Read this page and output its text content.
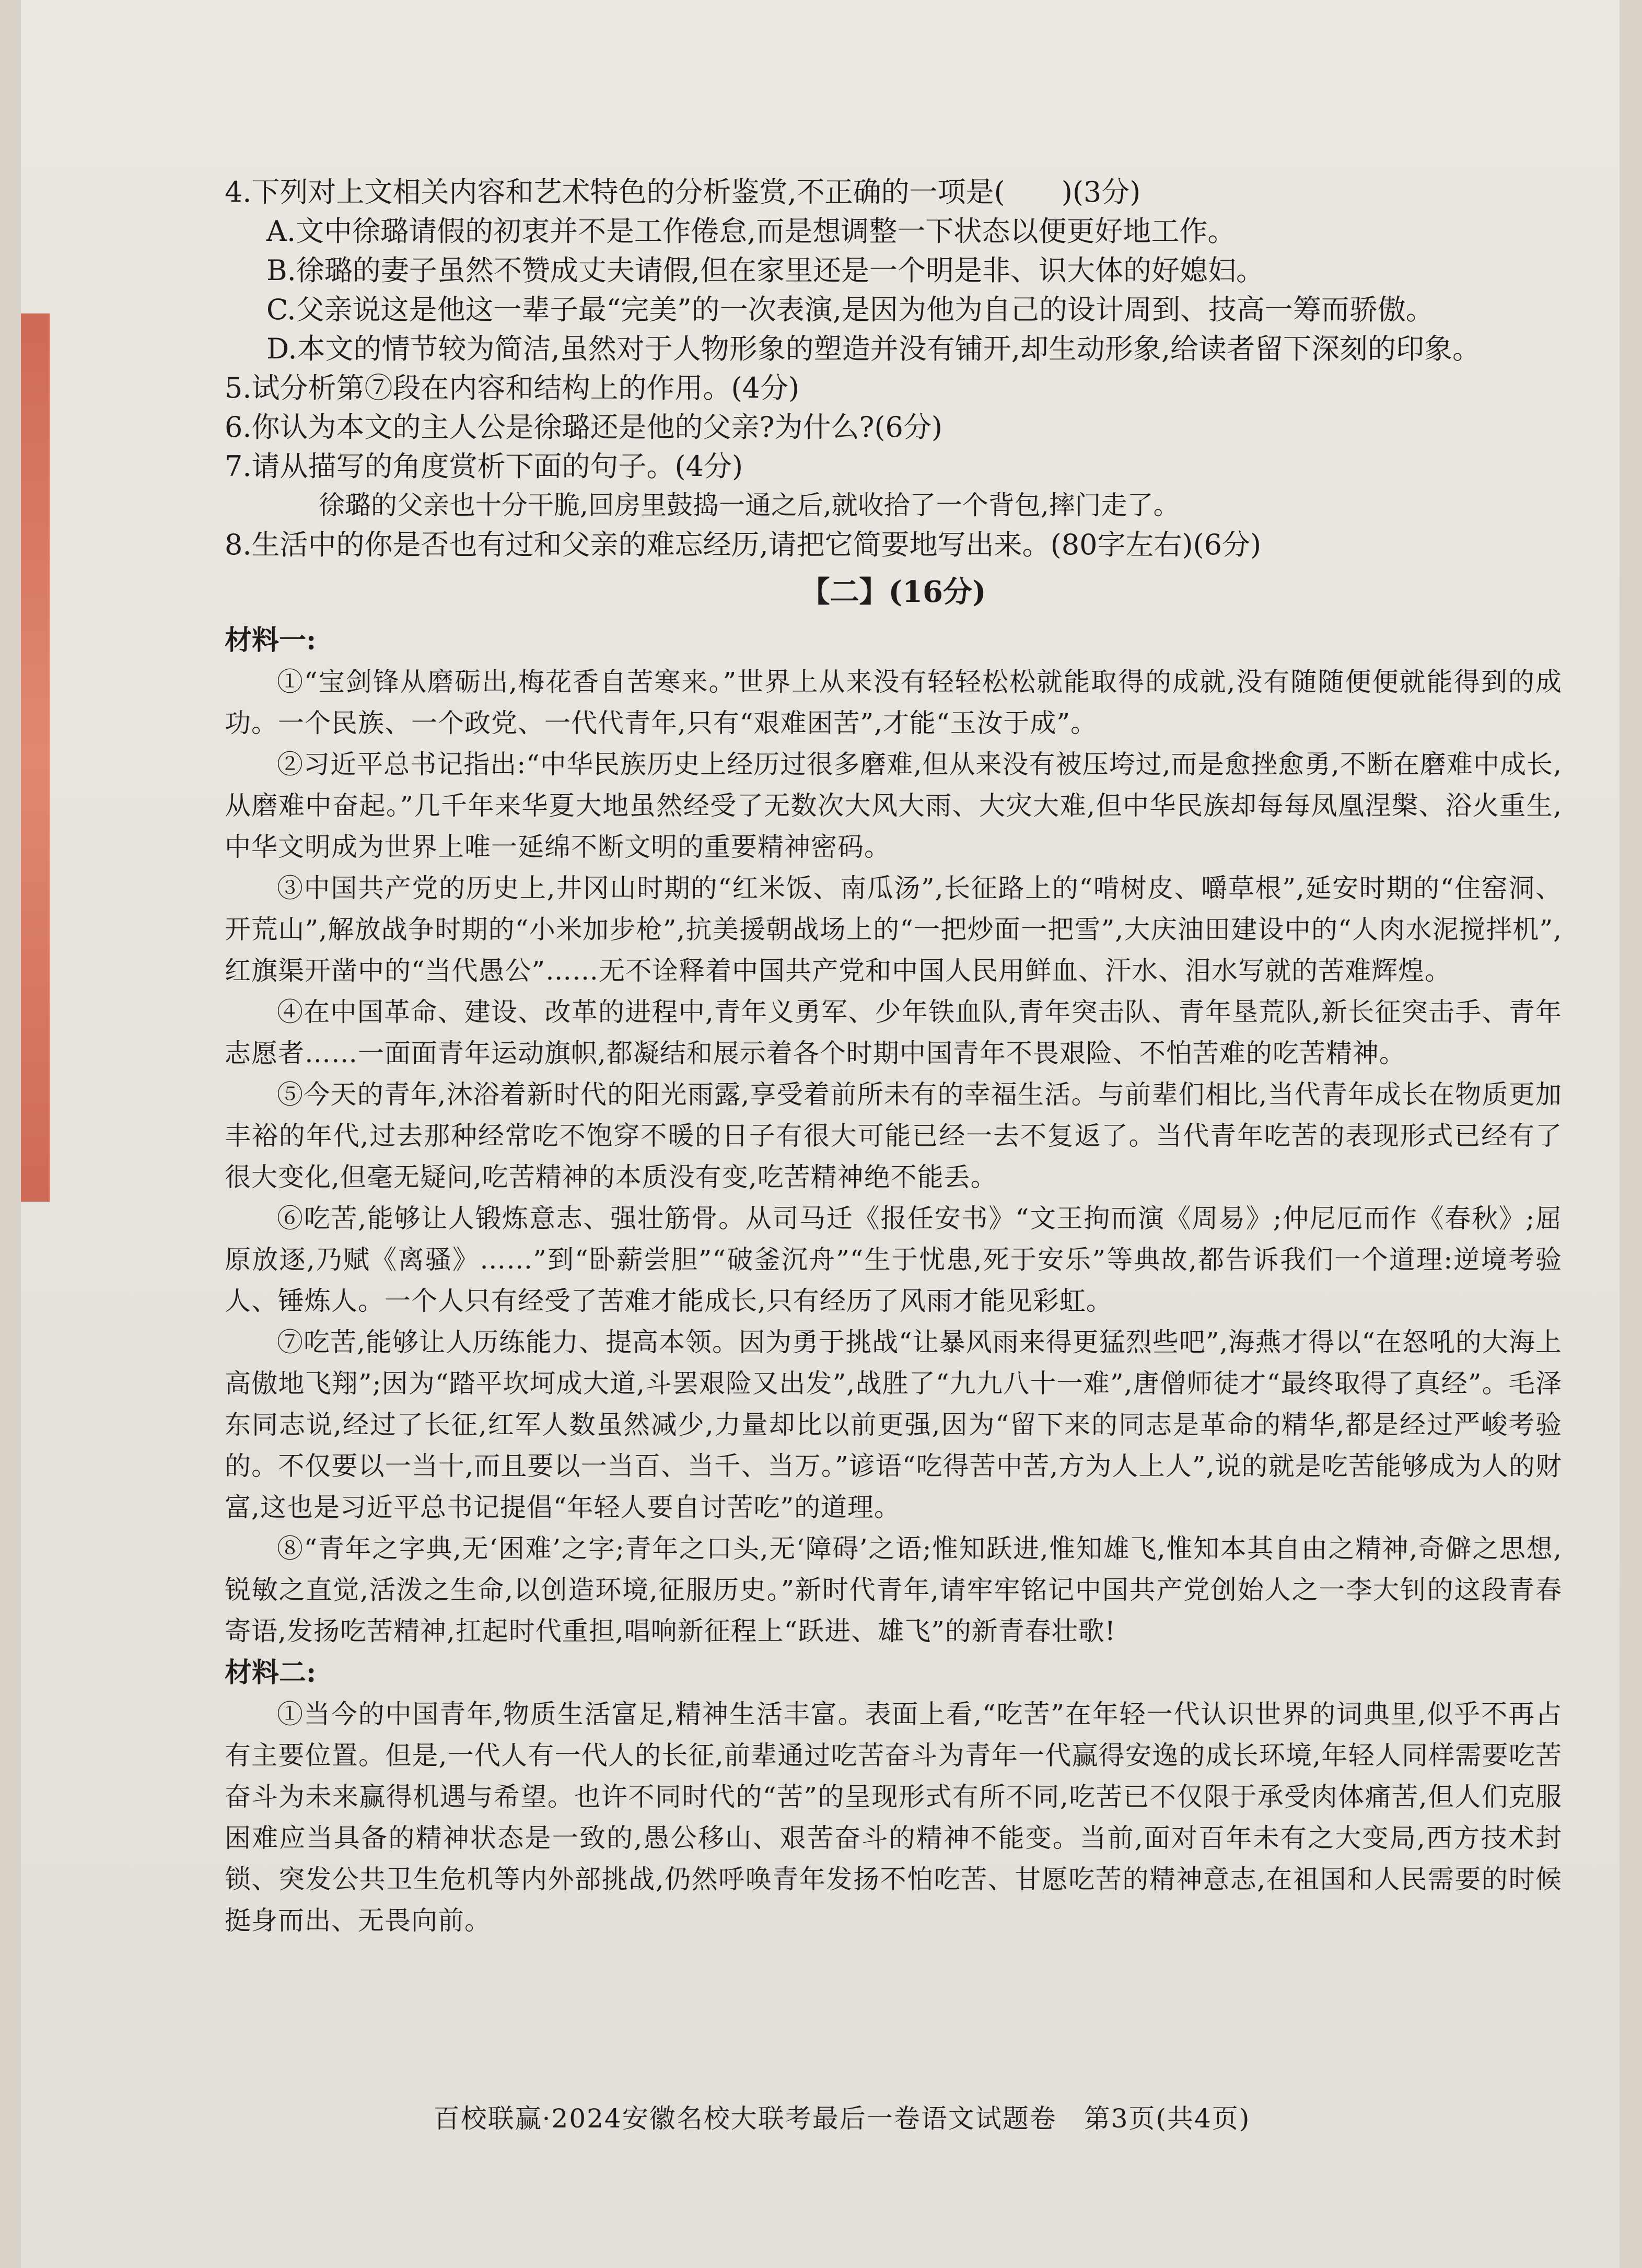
4.下列对上文相关内容和艺术特色的分析鉴赏,不正确的一项是(　　)(3分)

A.文中徐璐请假的初衷并不是工作倦怠,而是想调整一下状态以便更好地工作。

B.徐璐的妻子虽然不赞成丈夫请假,但在家里还是一个明是非、识大体的好媳妇。

C.父亲说这是他这一辈子最“完美”的一次表演,是因为他为自己的设计周到、技高一筹而骄傲。

D.本文的情节较为简洁,虽然对于人物形象的塑造并没有铺开,却生动形象,给读者留下深刻的印象。

5.试分析第⑦段在内容和结构上的作用。(4分)

6.你认为本文的主人公是徐璐还是他的父亲?为什么?(6分)

7.请从描写的角度赏析下面的句子。(4分)

徐璐的父亲也十分干脆,回房里鼓捣一通之后,就收拾了一个背包,摔门走了。

8.生活中的你是否也有过和父亲的难忘经历,请把它简要地写出来。(80字左右)(6分)

【二】(16分)
材料一:

①“宝剑锋从磨砺出,梅花香自苦寒来。”世界上从来没有轻轻松松就能取得的成就,没有随随便便就能得到的成功。一个民族、一个政党、一代代青年,只有“艰难困苦”,才能“玉汝于成”。

②习近平总书记指出:“中华民族历史上经历过很多磨难,但从来没有被压垮过,而是愈挫愈勇,不断在磨难中成长,从磨难中奋起。”几千年来华夏大地虽然经受了无数次大风大雨、大灾大难,但中华民族却每每凤凰涅槃、浴火重生,中华文明成为世界上唯一延绵不断文明的重要精神密码。

③中国共产党的历史上,井冈山时期的“红米饭、南瓜汤”,长征路上的“啃树皮、嚼草根”,延安时期的“住窑洞、开荒山”,解放战争时期的“小米加步枪”,抗美援朝战场上的“一把炒面一把雪”,大庆油田建设中的“人肉水泥搅拌机”,红旗渠开凿中的“当代愚公”……无不诠释着中国共产党和中国人民用鲜血、汗水、泪水写就的苦难辉煌。

④在中国革命、建设、改革的进程中,青年义勇军、少年铁血队,青年突击队、青年垦荒队,新长征突击手、青年志愿者……一面面青年运动旗帜,都凝结和展示着各个时期中国青年不畏艰险、不怕苦难的吃苦精神。

⑤今天的青年,沐浴着新时代的阳光雨露,享受着前所未有的幸福生活。与前辈们相比,当代青年成长在物质更加丰裕的年代,过去那种经常吃不饱穿不暖的日子有很大可能已经一去不复返了。当代青年吃苦的表现形式已经有了很大变化,但毫无疑问,吃苦精神的本质没有变,吃苦精神绝不能丢。

⑥吃苦,能够让人锻炼意志、强壮筋骨。从司马迁《报任安书》“文王拘而演《周易》;仲尼厄而作《春秋》;屈原放逐,乃赋《离骚》……”到“卧薪尝胆”“破釜沉舟”“生于忧患,死于安乐”等典故,都告诉我们一个道理:逆境考验人、锤炼人。一个人只有经受了苦难才能成长,只有经历了风雨才能见彩虹。

⑦吃苦,能够让人历练能力、提高本领。因为勇于挑战“让暴风雨来得更猛烈些吧”,海燕才得以“在怒吼的大海上高傲地飞翔”;因为“踏平坎坷成大道,斗罢艰险又出发”,战胜了“九九八十一难”,唐僧师徒才“最终取得了真经”。毛泽东同志说,经过了长征,红军人数虽然减少,力量却比以前更强,因为“留下来的同志是革命的精华,都是经过严峻考验的。不仅要以一当十,而且要以一当百、当千、当万。”谚语“吃得苦中苦,方为人上人”,说的就是吃苦能够成为人的财富,这也是习近平总书记提倡“年轻人要自讨苦吃”的道理。

⑧“青年之字典,无‘困难’之字;青年之口头,无‘障碍’之语;惟知跃进,惟知雄飞,惟知本其自由之精神,奇僻之思想,锐敏之直觉,活泼之生命,以创造环境,征服历史。”新时代青年,请牢牢铭记中国共产党创始人之一李大钊的这段青春寄语,发扬吃苦精神,扛起时代重担,唱响新征程上“跃进、雄飞”的新青春壮歌!

材料二:

①当今的中国青年,物质生活富足,精神生活丰富。表面上看,“吃苦”在年轻一代认识世界的词典里,似乎不再占有主要位置。但是,一代人有一代人的长征,前辈通过吃苦奋斗为青年一代赢得安逸的成长环境,年轻人同样需要吃苦奋斗为未来赢得机遇与希望。也许不同时代的“苦”的呈现形式有所不同,吃苦已不仅限于承受肉体痛苦,但人们克服困难应当具备的精神状态是一致的,愚公移山、艰苦奋斗的精神不能变。当前,面对百年未有之大变局,西方技术封锁、突发公共卫生危机等内外部挑战,仍然呼唤青年发扬不怕吃苦、甘愿吃苦的精神意志,在祖国和人民需要的时候挺身而出、无畏向前。

百校联赢·2024安徽名校大联考最后一卷语文试题卷　第3页(共4页)
